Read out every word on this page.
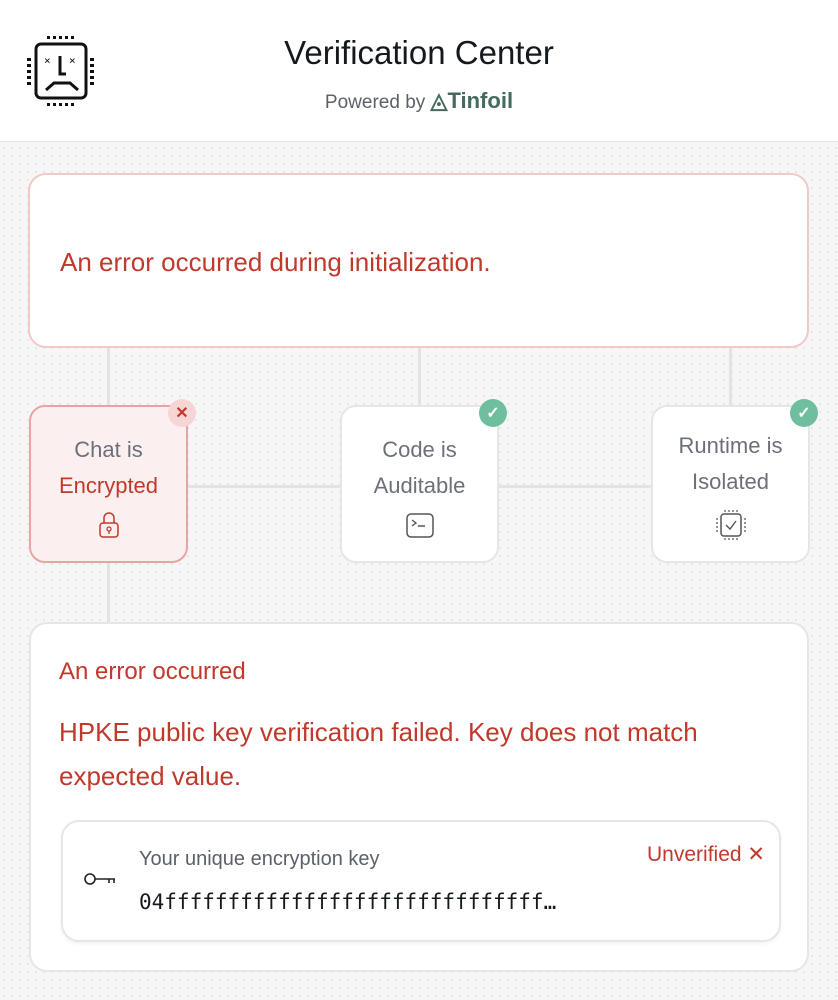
× ×	Verification Center
Powered by ◬Tinfoil
An error occurred during initialization.
✕
Chat is
Encrypted
✓
Code is
Auditable
✓
Runtime is
Isolated
An error occurred
HPKE public key verification failed. Key does not match expected value.
Your unique encryption key
04ffffffffffffffffffffffffffffff…
Unverified ✕
